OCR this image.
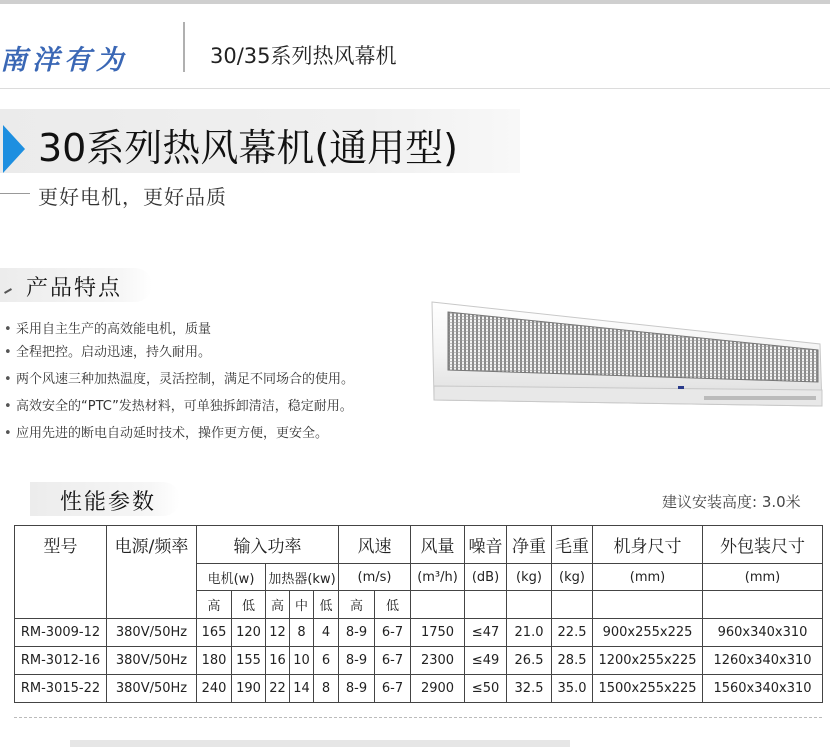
南洋有为	30/35系列热风幕机
30系列热风幕机(通用型)
更好电机，更好品质
产品特点
• 采用自主生产的高效能电机，质量
• 全程把控。启动迅速，持久耐用。
• 两个风速三种加热温度，灵活控制，满足不同场合的使用。
• 高效安全的“PTC”发热材料，可单独拆卸清洁，稳定耐用。
• 应用先进的断电自动延时技术，操作更方便，更安全。
性能参数	建议安装高度: 3.0米
型号	电源/频率	输入功率					风速		风量	噪音	净重	毛重	机身尺寸	外包装尺寸
		电机(w)		加热器(kw)			(m/s)		(m³/h)	(dB)	(kg)	(kg)	(mm)	(mm)
		高	低	高	中	低	高	低						
RM-3009-12	380V/50Hz	165	120	12	8	4	8-9	6-7	1750	≤47	21.0	22.5	900x255x225	960x340x310
RM-3012-16	380V/50Hz	180	155	16	10	6	8-9	6-7	2300	≤49	26.5	28.5	1200x255x225	1260x340x310
RM-3015-22	380V/50Hz	240	190	22	14	8	8-9	6-7	2900	≤50	32.5	35.0	1500x255x225	1560x340x310
